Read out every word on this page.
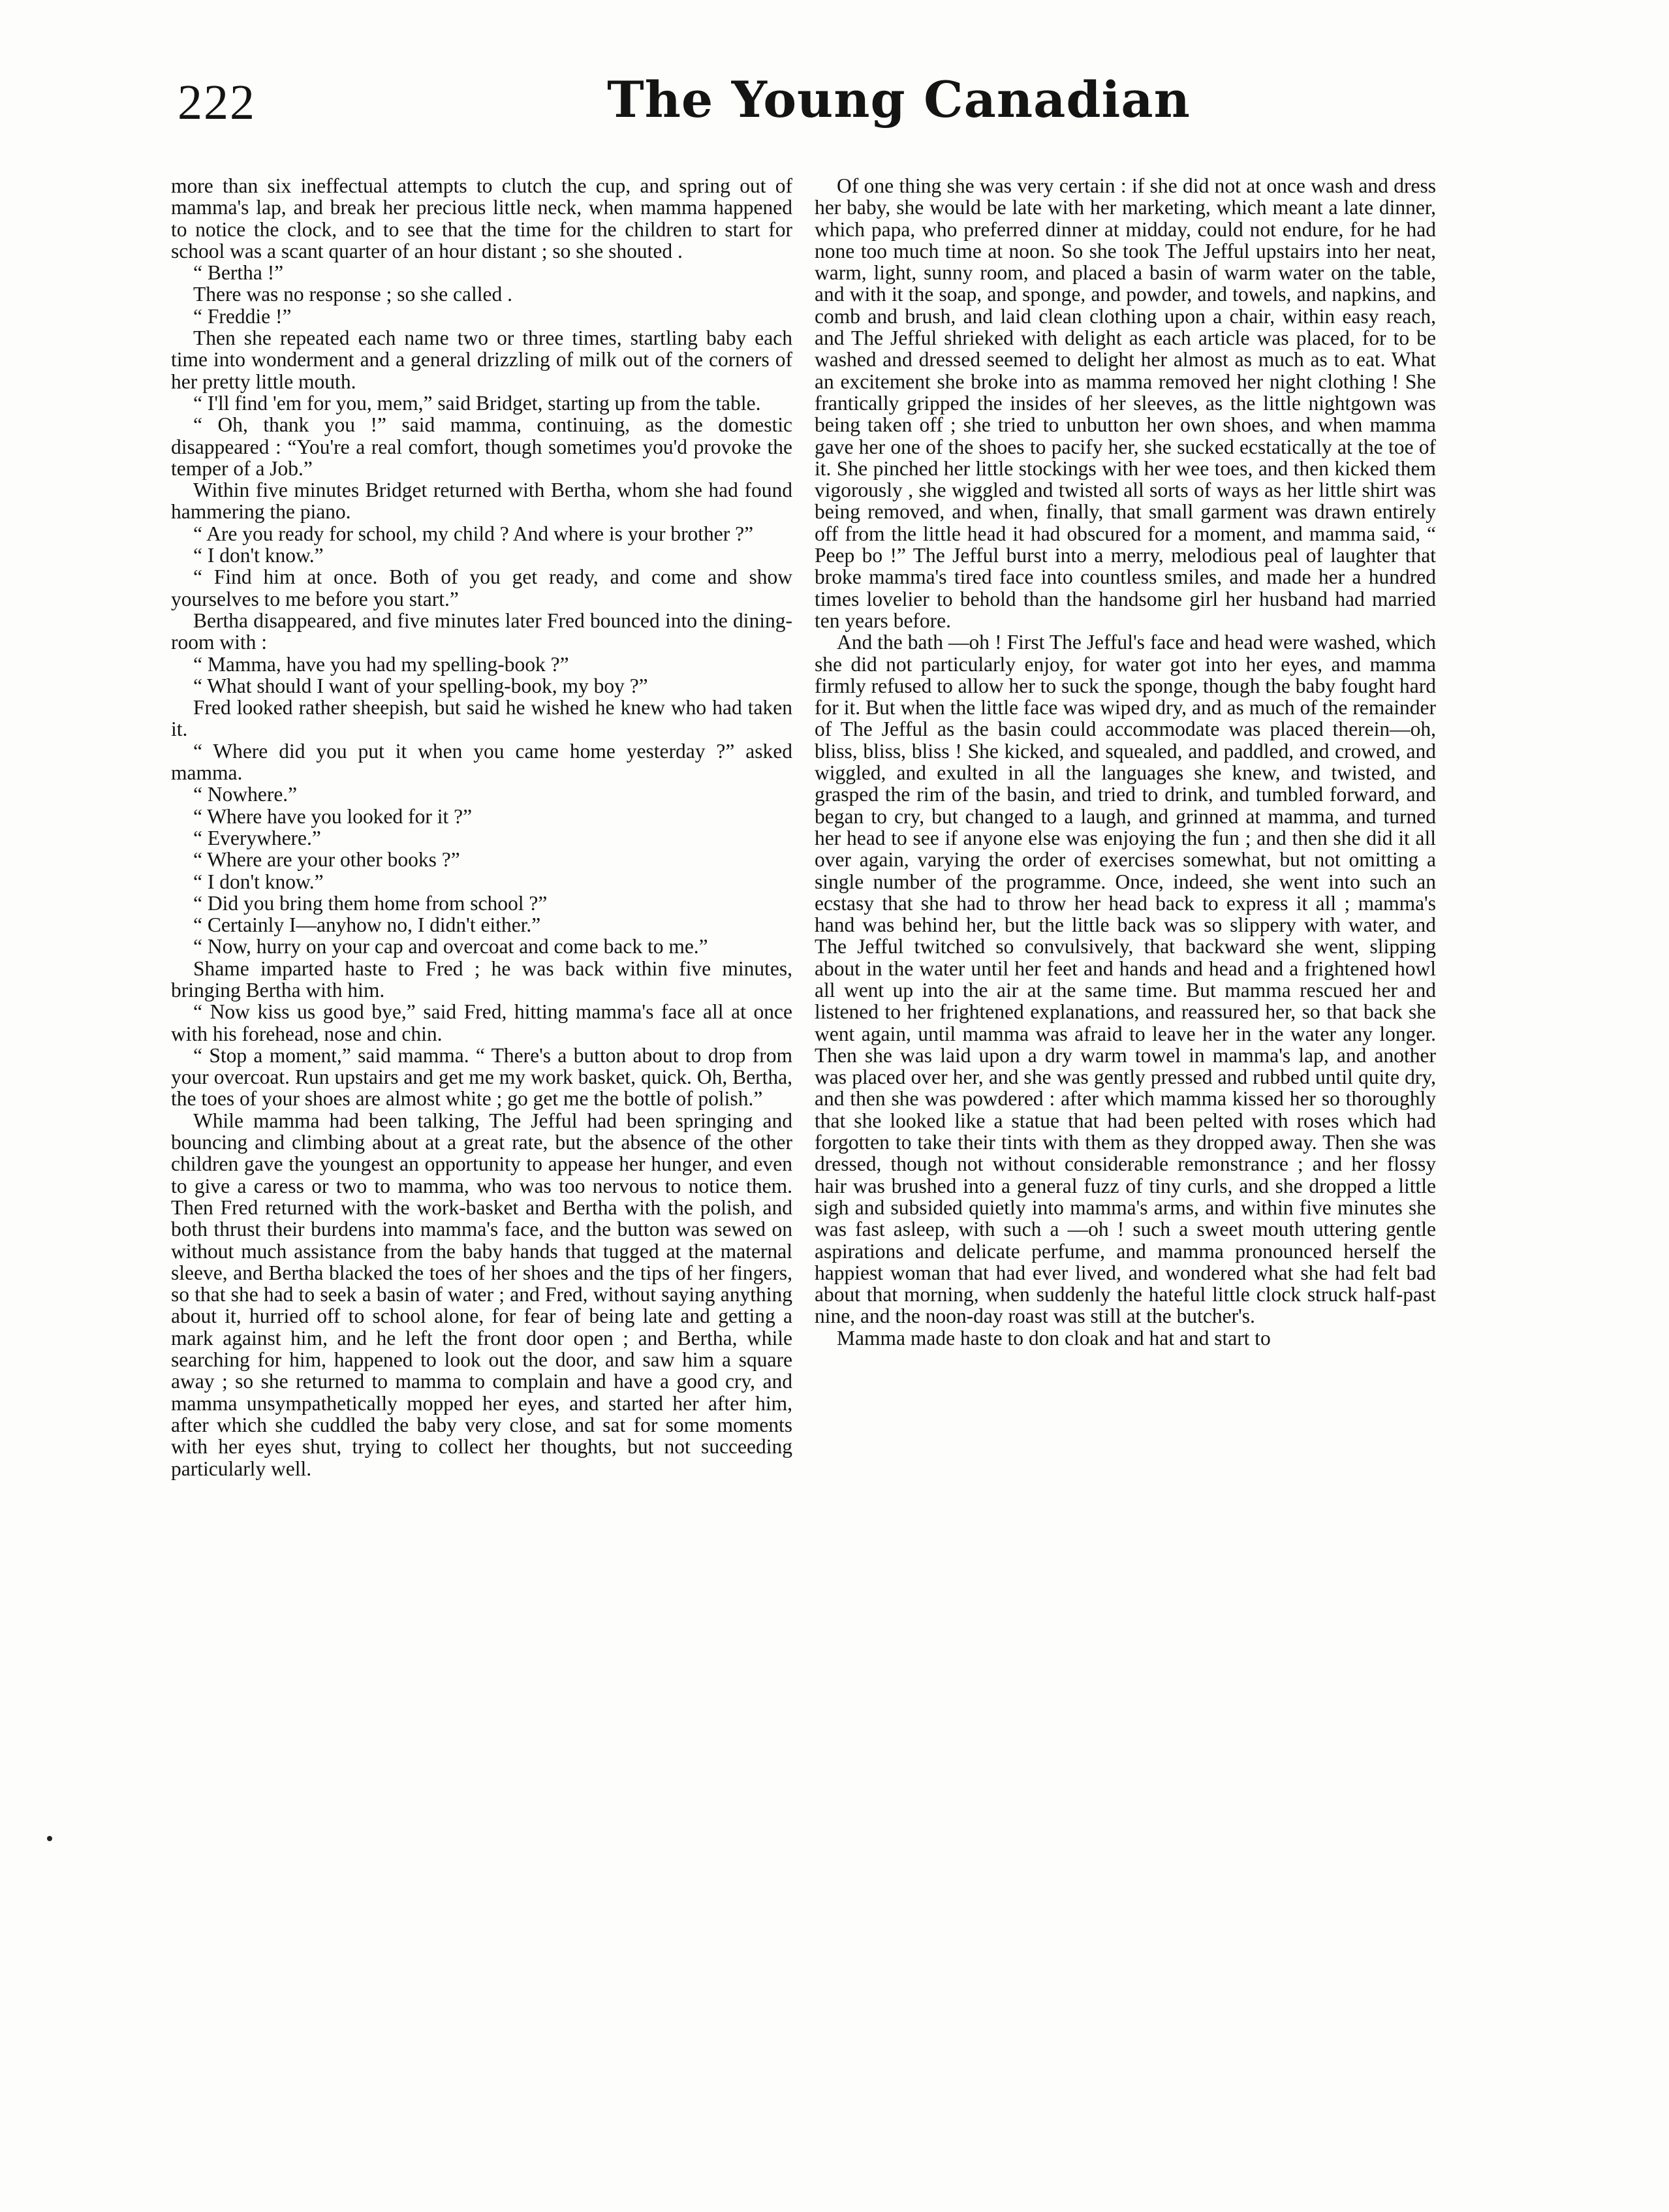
222	The Young Canadian

more than six ineffectual attempts to clutch the cup, and spring out of mamma's lap, and break her precious little neck, when mamma happened to notice the clock, and to see that the time for the children to start for school was a scant quarter of an hour distant ; so she shouted .

“ Bertha !”

There was no response ; so she called .

“ Freddie !”

Then she repeated each name two or three times, startling baby each time into wonderment and a general drizzling of milk out of the corners of her pretty little mouth.

“ I'll find 'em for you, mem,” said Bridget, starting up from the table.

“ Oh, thank you !” said mamma, continuing, as the domestic disappeared : “You're a real comfort, though sometimes you'd provoke the temper of a Job.”

Within five minutes Bridget returned with Bertha, whom she had found hammering the piano.

“ Are you ready for school, my child ? And where is your brother ?”

“ I don't know.”

“ Find him at once. Both of you get ready, and come and show yourselves to me before you start.”

Bertha disappeared, and five minutes later Fred bounced into the dining-room with :

“ Mamma, have you had my spelling-book ?”

“ What should I want of your spelling-book, my boy ?”

Fred looked rather sheepish, but said he wished he knew who had taken it.

“ Where did you put it when you came home yesterday ?” asked mamma.

“ Nowhere.”

“ Where have you looked for it ?”

“ Everywhere.”

“ Where are your other books ?”

“ I don't know.”

“ Did you bring them home from school ?”

“ Certainly I—anyhow no, I didn't either.”

“ Now, hurry on your cap and overcoat and come back to me.”

Shame imparted haste to Fred ; he was back within five minutes, bringing Bertha with him.

“ Now kiss us good bye,” said Fred, hitting mamma's face all at once with his forehead, nose and chin.

“ Stop a moment,” said mamma. “ There's a button about to drop from your overcoat. Run upstairs and get me my work basket, quick. Oh, Bertha, the toes of your shoes are almost white ; go get me the bottle of polish.”

While mamma had been talking, The Jefful had been springing and bouncing and climbing about at a great rate, but the absence of the other children gave the youngest an opportunity to appease her hunger, and even to give a caress or two to mamma, who was too nervous to notice them. Then Fred returned with the work-basket and Bertha with the polish, and both thrust their burdens into mamma's face, and the button was sewed on without much assistance from the baby hands that tugged at the maternal sleeve, and Bertha blacked the toes of her shoes and the tips of her fingers, so that she had to seek a basin of water ; and Fred, without saying anything about it, hurried off to school alone, for fear of being late and getting a mark against him, and he left the front door open ; and Bertha, while searching for him, happened to look out the door, and saw him a square away ; so she returned to mamma to complain and have a good cry, and mamma unsympathetically mopped her eyes, and started her after him, after which she cuddled the baby very close, and sat for some moments with her eyes shut, trying to collect her thoughts, but not succeeding particularly well.

Of one thing she was very certain : if she did not at once wash and dress her baby, she would be late with her marketing, which meant a late dinner, which papa, who preferred dinner at midday, could not endure, for he had none too much time at noon. So she took The Jefful upstairs into her neat, warm, light, sunny room, and placed a basin of warm water on the table, and with it the soap, and sponge, and powder, and towels, and napkins, and comb and brush, and laid clean clothing upon a chair, within easy reach, and The Jefful shrieked with delight as each article was placed, for to be washed and dressed seemed to delight her almost as much as to eat. What an excitement she broke into as mamma removed her night clothing ! She frantically gripped the insides of her sleeves, as the little nightgown was being taken off ; she tried to unbutton her own shoes, and when mamma gave her one of the shoes to pacify her, she sucked ecstatically at the toe of it. She pinched her little stockings with her wee toes, and then kicked them vigorously , she wiggled and twisted all sorts of ways as her little shirt was being removed, and when, finally, that small garment was drawn entirely off from the little head it had obscured for a moment, and mamma said, “ Peep bo !” The Jefful burst into a merry, melodious peal of laughter that broke mamma's tired face into countless smiles, and made her a hundred times lovelier to behold than the handsome girl her husband had married ten years before.

And the bath —oh ! First The Jefful's face and head were washed, which she did not particularly enjoy, for water got into her eyes, and mamma firmly refused to allow her to suck the sponge, though the baby fought hard for it. But when the little face was wiped dry, and as much of the remainder of The Jefful as the basin could accommodate was placed therein—oh, bliss, bliss, bliss ! She kicked, and squealed, and paddled, and crowed, and wiggled, and exulted in all the languages she knew, and twisted, and grasped the rim of the basin, and tried to drink, and tumbled forward, and began to cry, but changed to a laugh, and grinned at mamma, and turned her head to see if anyone else was enjoying the fun ; and then she did it all over again, varying the order of exercises somewhat, but not omitting a single number of the programme. Once, indeed, she went into such an ecstasy that she had to throw her head back to express it all ; mamma's hand was behind her, but the little back was so slippery with water, and The Jefful twitched so convulsively, that backward she went, slipping about in the water until her feet and hands and head and a frightened howl all went up into the air at the same time. But mamma rescued her and listened to her frightened explanations, and reassured her, so that back she went again, until mamma was afraid to leave her in the water any longer. Then she was laid upon a dry warm towel in mamma's lap, and another was placed over her, and she was gently pressed and rubbed until quite dry, and then she was powdered : after which mamma kissed her so thoroughly that she looked like a statue that had been pelted with roses which had forgotten to take their tints with them as they dropped away. Then she was dressed, though not without considerable remonstrance ; and her flossy hair was brushed into a general fuzz of tiny curls, and she dropped a little sigh and subsided quietly into mamma's arms, and within five minutes she was fast asleep, with such a —oh ! such a sweet mouth uttering gentle aspirations and delicate perfume, and mamma pronounced herself the happiest woman that had ever lived, and wondered what she had felt bad about that morning, when suddenly the hateful little clock struck half-past nine, and the noon-day roast was still at the butcher's.

Mamma made haste to don cloak and hat and start to
